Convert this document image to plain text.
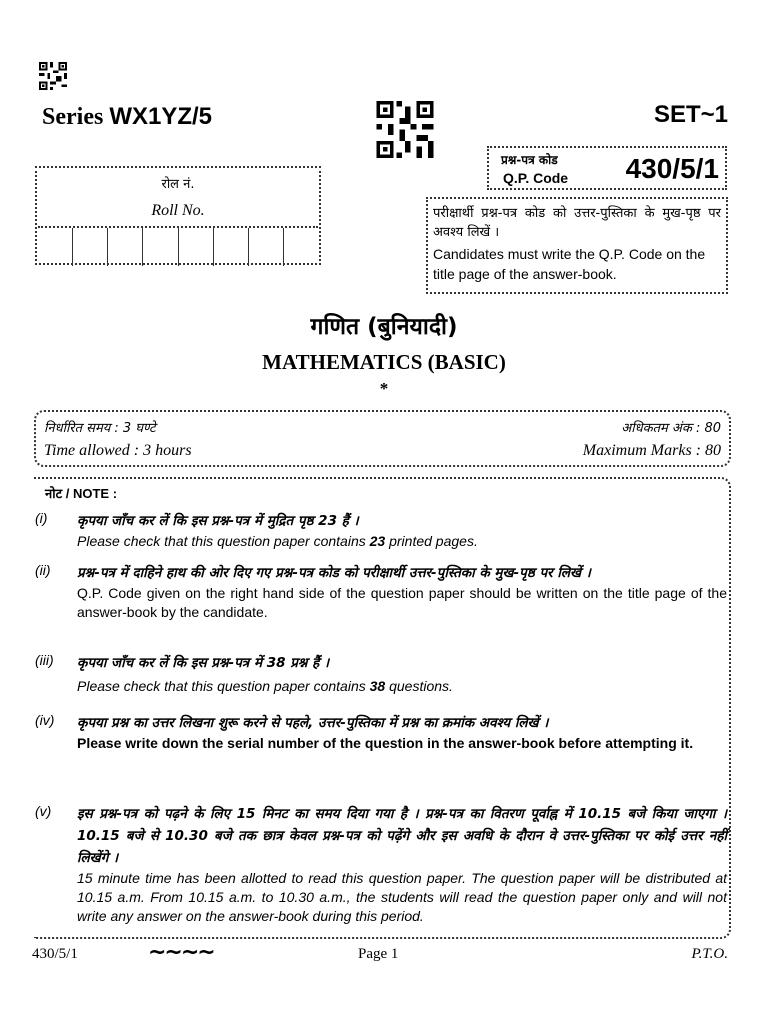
Series WX1YZ/5	SET~1
रोल नं.
Roll No.
प्रश्न-पत्र कोड
Q.P. Code 430/5/1
परीक्षार्थी प्रश्न-पत्र कोड को उत्तर-पुस्तिका के मुख-पृष्ठ पर अवश्य लिखें ।
Candidates must write the Q.P. Code on the title page of the answer-book.
गणित (बुनियादी)
MATHEMATICS (BASIC)
*
निर्धारित समय : 3 घण्टे
Time allowed : 3 hours
अधिकतम अंक : 80
Maximum Marks : 80
नोट / NOTE :
(i) कृपया जाँच कर लें कि इस प्रश्न-पत्र में मुद्रित पृष्ठ 23 हैं ।
Please check that this question paper contains 23 printed pages.
(ii) प्रश्न-पत्र में दाहिने हाथ की ओर दिए गए प्रश्न-पत्र कोड को परीक्षार्थी उत्तर-पुस्तिका के मुख-पृष्ठ पर लिखें ।
Q.P. Code given on the right hand side of the question paper should be written on the title page of the answer-book by the candidate.
(iii) कृपया जाँच कर लें कि इस प्रश्न-पत्र में 38 प्रश्न हैं ।
Please check that this question paper contains 38 questions.
(iv) कृपया प्रश्न का उत्तर लिखना शुरू करने से पहले, उत्तर-पुस्तिका में प्रश्न का क्रमांक अवश्य लिखें ।
Please write down the serial number of the question in the answer-book before attempting it.
(v) इस प्रश्न-पत्र को पढ़ने के लिए 15 मिनट का समय दिया गया है । प्रश्न-पत्र का वितरण पूर्वाह्न में 10.15 बजे किया जाएगा । 10.15 बजे से 10.30 बजे तक छात्र केवल प्रश्न-पत्र को पढ़ेंगे और इस अवधि के दौरान वे उत्तर-पुस्तिका पर कोई उत्तर नहीं लिखेंगे ।
15 minute time has been allotted to read this question paper. The question paper will be distributed at 10.15 a.m. From 10.15 a.m. to 10.30 a.m., the students will read the question paper only and will not write any answer on the answer-book during this period.
430/5/1	~~~~	Page 1	P.T.O.
